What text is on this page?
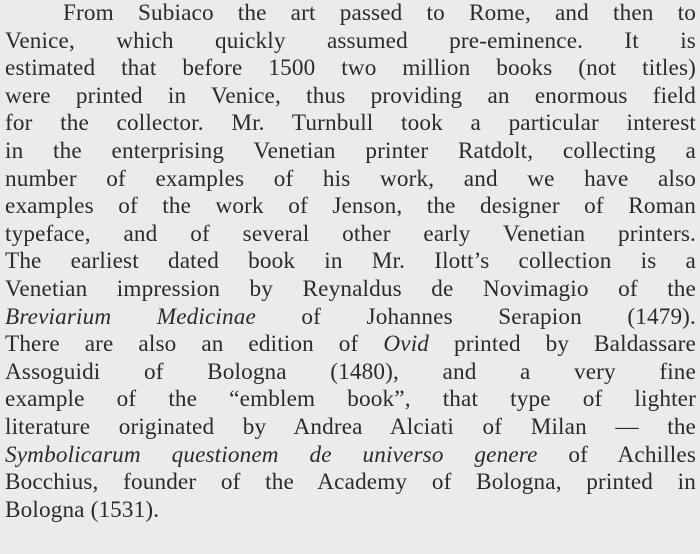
From Subiaco the art passed to Rome, and then to
Venice, which quickly assumed pre-eminence. It is
estimated that before 1500 two million books (not titles)
were printed in Venice, thus providing an enormous field
for the collector. Mr. Turnbull took a particular interest
in the enterprising Venetian printer Ratdolt, collecting a
number of examples of his work, and we have also
examples of the work of Jenson, the designer of Roman
typeface, and of several other early Venetian printers.
The earliest dated book in Mr. Ilott’s collection is a
Venetian impression by Reynaldus de Novimagio of the
Breviarium Medicinae of Johannes Serapion (1479).
There are also an edition of Ovid printed by Baldassare
Assoguidi of Bologna (1480), and a very fine
example of the “emblem book”, that type of lighter
literature originated by Andrea Alciati of Milan — the
Symbolicarum questionem de universo genere of Achilles
Bocchius, founder of the Academy of Bologna, printed in
Bologna (1531).
